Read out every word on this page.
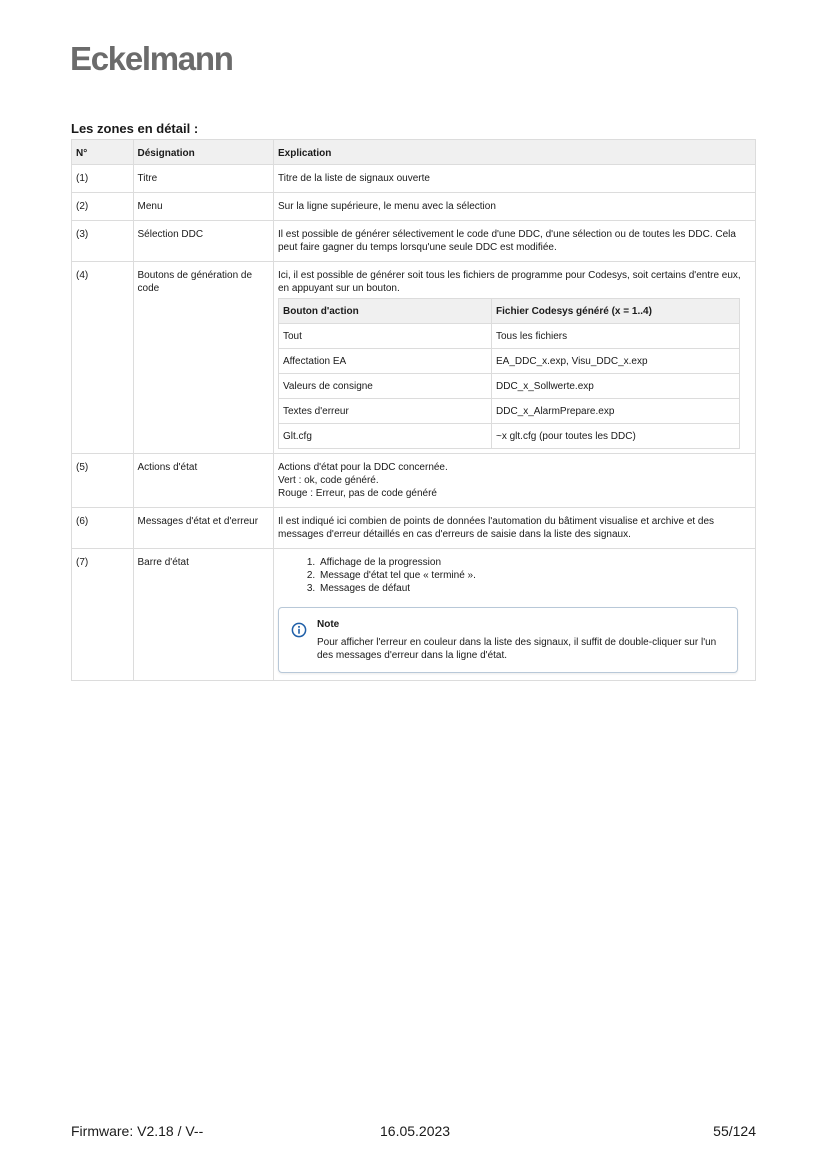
Eckelmann
Les zones en détail :
N°	Désignation	Explication
(1)	Titre	Titre de la liste de signaux ouverte
(2)	Menu	Sur la ligne supérieure, le menu avec la sélection
(3)	Sélection DDC	Il est possible de générer sélectivement le code d'une DDC, d'une sélection ou de toutes les DDC. Cela peut faire gagner du temps lorsqu'une seule DDC est modifiée.
(4)	Boutons de génération de code	
Ici, il est possible de générer soit tous les fichiers de programme pour Codesys, soit certains d'entre eux, en appuyant sur un bouton.
Bouton d'action	Fichier Codesys généré (x = 1..4)
Tout	Tous les fichiers
Affectation EA	EA_DDC_x.exp, Visu_DDC_x.exp
Valeurs de consigne	DDC_x_Sollwerte.exp
Textes d'erreur	DDC_x_AlarmPrepare.exp
Glt.cfg	~x glt.cfg (pour toutes les DDC)

(5)	Actions d'état	Actions d'état pour la DDC concernée.
Vert : ok, code généré.
Rouge : Erreur, pas de code généré

(6)	Messages d'état et d'erreur	Il est indiqué ici combien de points de données l'automation du bâtiment visualise et archive et des messages d'erreur détaillés en cas d'erreurs de saisie dans la liste des signaux.
(7)	Barre d'état	
1.Affichage de la progression
2. Message d'état tel que « terminé ».
3. Messages de défaut
Note
Pour afficher l'erreur en couleur dans la liste des signaux, il suffit de double-cliquer sur l'un des messages d'erreur dans la ligne d'état.
Firmware: V2.18 / V--	16.05.2023	55/124
